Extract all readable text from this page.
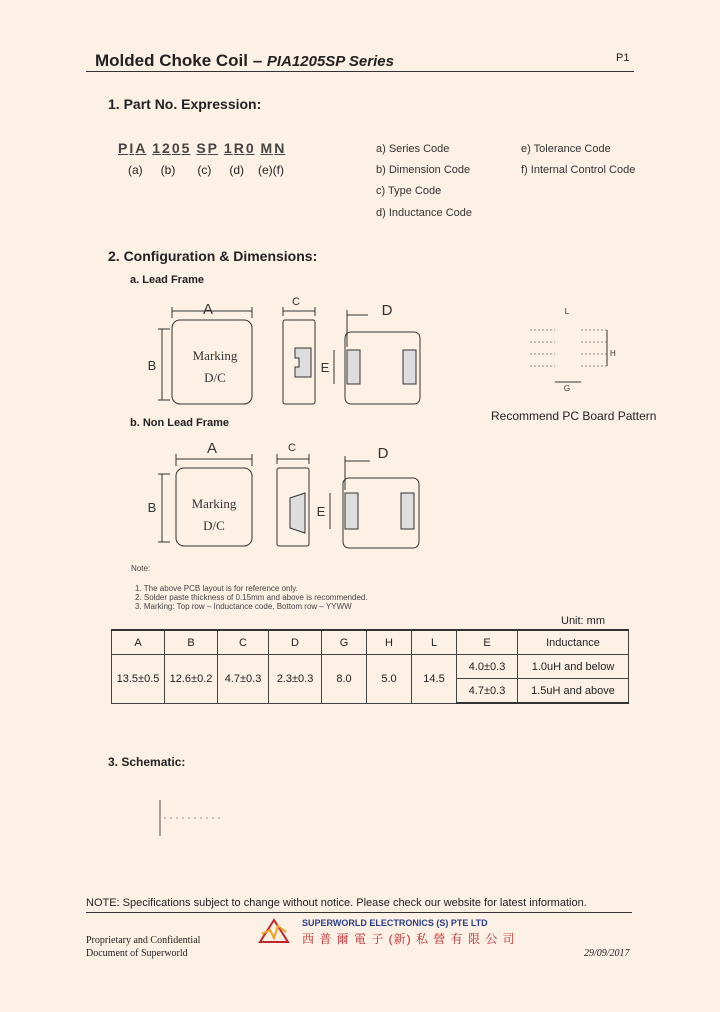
Molded Choke Coil – PIA1205SP Series	P1
1. Part No. Expression:
PIA 1205 SP 1R0 MN
(a) (b) (c) (d) (e)(f)
a) Series Code
b) Dimension Code
c) Type Code
d) Inductance Code
e) Tolerance Code
f) Internal Control Code
2. Configuration & Dimensions:
a. Lead Frame
b. Non Lead Frame
A
B
C	D
E
Marking
D/C
A
B
C	D
E
Marking
D/C
L
H
G
Recommend PC Board Pattern
Note:
1. The above PCB layout is for reference only.
2. Solder paste thickness of 0.15mm and above is recommended.
3. Marking: Top row – Inductance code, Bottom row – YYWW
Unit: mm
A	B	C	D	G	H	L	E	Inductance
13.5±0.5	12.6±0.2	4.7±0.3	2.3±0.3	8.0	5.0	14.5	4.0±0.3	1.0uH and below
							4.7±0.3	1.5uH and above
3. Schematic:
NOTE: Specifications subject to change without notice. Please check our website for latest information.
SUPERWORLD ELECTRONICS (S) PTE LTD
西 普 爾 電 子 (新) 私 營 有 限 公 司
Proprietary and Confidential
Document of Superworld	29/09/2017
